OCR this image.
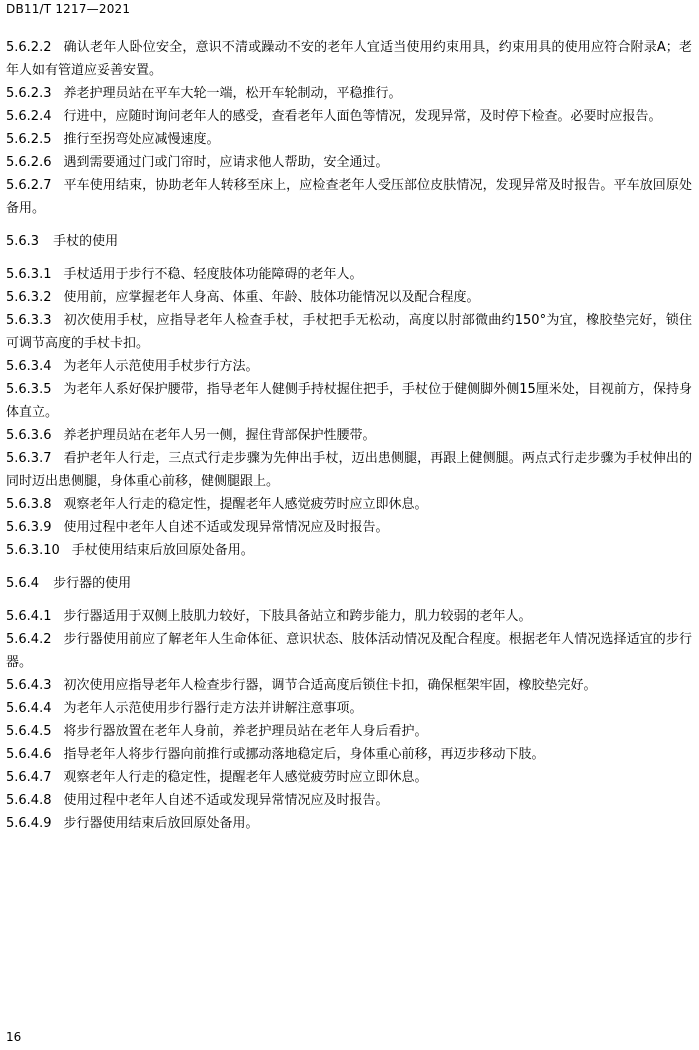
DB11/T 1217—2021

5.6.2.2 确认老年人卧位安全，意识不清或躁动不安的老年人宜适当使用约束用具，约束用具的使用应符合附录A；老年人如有管道应妥善安置。

5.6.2.3 养老护理员站在平车大轮一端，松开车轮制动，平稳推行。

5.6.2.4 行进中，应随时询问老年人的感受，查看老年人面色等情况，发现异常，及时停下检查。必要时应报告。

5.6.2.5 推行至拐弯处应减慢速度。

5.6.2.6 遇到需要通过门或门帘时，应请求他人帮助，安全通过。

5.6.2.7 平车使用结束，协助老年人转移至床上，应检查老年人受压部位皮肤情况，发现异常及时报告。平车放回原处备用。

5.6.3 手杖的使用

5.6.3.1 手杖适用于步行不稳、轻度肢体功能障碍的老年人。

5.6.3.2 使用前，应掌握老年人身高、体重、年龄、肢体功能情况以及配合程度。

5.6.3.3 初次使用手杖，应指导老年人检查手杖，手杖把手无松动，高度以肘部微曲约150°为宜，橡胶垫完好，锁住可调节高度的手杖卡扣。

5.6.3.4 为老年人示范使用手杖步行方法。

5.6.3.5 为老年人系好保护腰带，指导老年人健侧手持杖握住把手，手杖位于健侧脚外侧15厘米处，目视前方，保持身体直立。

5.6.3.6 养老护理员站在老年人另一侧，握住背部保护性腰带。

5.6.3.7 看护老年人行走，三点式行走步骤为先伸出手杖，迈出患侧腿，再跟上健侧腿。两点式行走步骤为手杖伸出的同时迈出患侧腿，身体重心前移，健侧腿跟上。

5.6.3.8 观察老年人行走的稳定性，提醒老年人感觉疲劳时应立即休息。

5.6.3.9 使用过程中老年人自述不适或发现异常情况应及时报告。

5.6.3.10 手杖使用结束后放回原处备用。

5.6.4 步行器的使用

5.6.4.1 步行器适用于双侧上肢肌力较好，下肢具备站立和跨步能力，肌力较弱的老年人。

5.6.4.2 步行器使用前应了解老年人生命体征、意识状态、肢体活动情况及配合程度。根据老年人情况选择适宜的步行器。

5.6.4.3 初次使用应指导老年人检查步行器，调节合适高度后锁住卡扣，确保框架牢固，橡胶垫完好。

5.6.4.4 为老年人示范使用步行器行走方法并讲解注意事项。

5.6.4.5 将步行器放置在老年人身前，养老护理员站在老年人身后看护。

5.6.4.6 指导老年人将步行器向前推行或挪动落地稳定后，身体重心前移，再迈步移动下肢。

5.6.4.7 观察老年人行走的稳定性，提醒老年人感觉疲劳时应立即休息。

5.6.4.8 使用过程中老年人自述不适或发现异常情况应及时报告。

5.6.4.9 步行器使用结束后放回原处备用。

16
